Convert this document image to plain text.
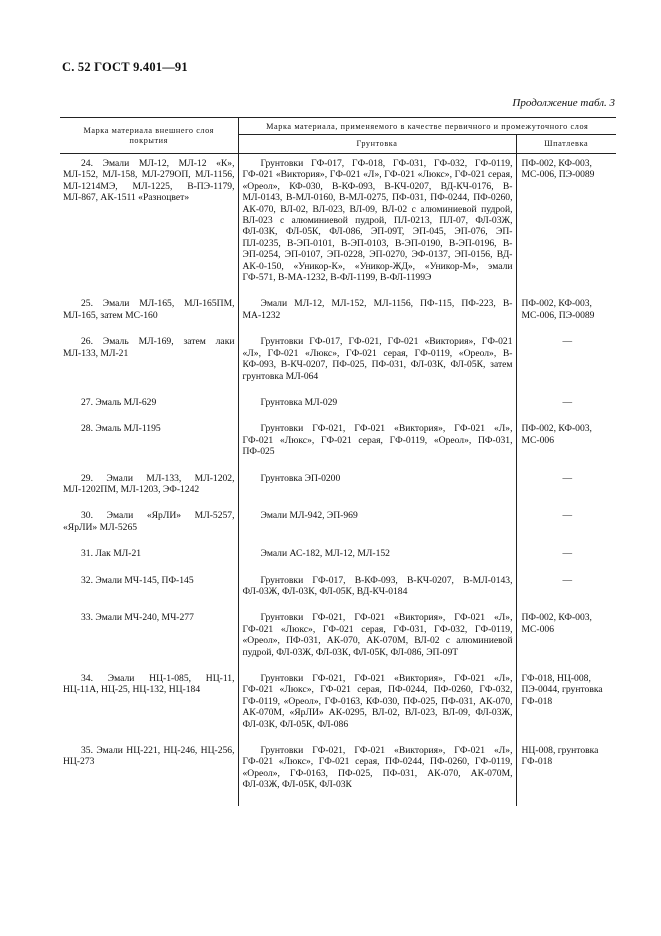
С. 52 ГОСТ 9.401—91
Продолжение табл. 3
Марка материала внешнего слоя покрытия	Марка материала, применяемого в качестве первичного и промежуточного слоя	
	Грунтовка	Шпатлевка
24. Эмали МЛ-12, МЛ-12 «К», МЛ-152, МЛ-158, МЛ-279ОП, МЛ-1156, МЛ-1214МЭ, МЛ-1225, В-ПЭ-1179, МЛ-867, АК-1511 «Разноцвет»	Грунтовки ГФ-017, ГФ-018, ГФ-031, ГФ-032, ГФ-0119, ГФ-021 «Виктория», ГФ-021 «Л», ГФ-021 «Люкс», ГФ-021 серая, «Ореол», КФ-030, В-КФ-093, В-КЧ-0207, ВД-КЧ-0176, В-МЛ-0143, В-МЛ-0160, В-МЛ-0275, ПФ-031, ПФ-0244, ПФ-0260, АК-070, ВЛ-02, ВЛ-023, ВЛ-09, ВЛ-02 с алюминиевой пудрой, ВЛ-023 с алюминиевой пудрой, ПЛ-0213, ПЛ-07, ФЛ-03Ж, ФЛ-03К, ФЛ-05К, ФЛ-086, ЭП-09Т, ЭП-045, ЭП-076, ЭП-ПЛ-0235, В-ЭП-0101, В-ЭП-0103, В-ЭП-0190, В-ЭП-0196, В-ЭП-0254, ЭП-0107, ЭП-0228, ЭП-0270, ЭФ-0137, ЭП-0156, ВД-АК-0-150, «Уникор-К», «Уникор-ЖД», «Уникор-М», эмали ГФ-571, В-МА-1232, В-ФЛ-1199, В-ФЛ-1199Э	ПФ-002, КФ-003, МС-006, ПЭ-0089
25. Эмали МЛ-165, МЛ-165ПМ, МЛ-165, затем МС-160	Эмали МЛ-12, МЛ-152, МЛ-1156, ПФ-115, ПФ-223, В-МА-1232	ПФ-002, КФ-003, МС-006, ПЭ-0089
26. Эмаль МЛ-169, затем лаки МЛ-133, МЛ-21	Грунтовки ГФ-017, ГФ-021, ГФ-021 «Виктория», ГФ-021 «Л», ГФ-021 «Люкс», ГФ-021 серая, ГФ-0119, «Ореол», В-КФ-093, В-КЧ-0207, ПФ-025, ПФ-031, ФЛ-03К, ФЛ-05К, затем грунтовка МЛ-064	—
27. Эмаль МЛ-629	Грунтовка МЛ-029	—
28. Эмаль МЛ-1195	Грунтовки ГФ-021, ГФ-021 «Виктория», ГФ-021 «Л», ГФ-021 «Люкс», ГФ-021 серая, ГФ-0119, «Ореол», ПФ-031, ПФ-025	ПФ-002, КФ-003, МС-006
29. Эмали МЛ-133, МЛ-1202, МЛ-1202ПМ, МЛ-1203, ЭФ-1242	Грунтовка ЭП-0200	—
30. Эмали «ЯрЛИ» МЛ-5257, «ЯрЛИ» МЛ-5265	Эмали МЛ-942, ЭП-969	—
31. Лак МЛ-21	Эмали АС-182, МЛ-12, МЛ-152	—
32. Эмали МЧ-145, ПФ-145	Грунтовки ГФ-017, В-КФ-093, В-КЧ-0207, В-МЛ-0143, ФЛ-03Ж, ФЛ-03К, ФЛ-05К, ВД-КЧ-0184	—
33. Эмали МЧ-240, МЧ-277	Грунтовки ГФ-021, ГФ-021 «Виктория», ГФ-021 «Л», ГФ-021 «Люкс», ГФ-021 серая, ГФ-031, ГФ-032, ГФ-0119, «Ореол», ПФ-031, АК-070, АК-070М, ВЛ-02 с алюминиевой пудрой, ФЛ-03Ж, ФЛ-03К, ФЛ-05К, ФЛ-086, ЭП-09Т	ПФ-002, КФ-003, МС-006
34. Эмали НЦ-1-085, НЦ-11, НЦ-11А, НЦ-25, НЦ-132, НЦ-184	Грунтовки ГФ-021, ГФ-021 «Виктория», ГФ-021 «Л», ГФ-021 «Люкс», ГФ-021 серая, ПФ-0244, ПФ-0260, ГФ-032, ГФ-0119, «Ореол», ГФ-0163, КФ-030, ПФ-025, ПФ-031, АК-070, АК-070М, «ЯрЛИ» АК-0295, ВЛ-02, ВЛ-023, ВЛ-09, ФЛ-03Ж, ФЛ-03К, ФЛ-05К, ФЛ-086	ГФ-018, НЦ-008, ПЭ-0044, грунтовка ГФ-018
35. Эмали НЦ-221, НЦ-246, НЦ-256, НЦ-273	Грунтовки ГФ-021, ГФ-021 «Виктория», ГФ-021 «Л», ГФ-021 «Люкс», ГФ-021 серая, ПФ-0244, ПФ-0260, ГФ-0119, «Ореол», ГФ-0163, ПФ-025, ПФ-031, АК-070, АК-070М, ФЛ-03Ж, ФЛ-05К, ФЛ-03К	НЦ-008, грунтовка ГФ-018
